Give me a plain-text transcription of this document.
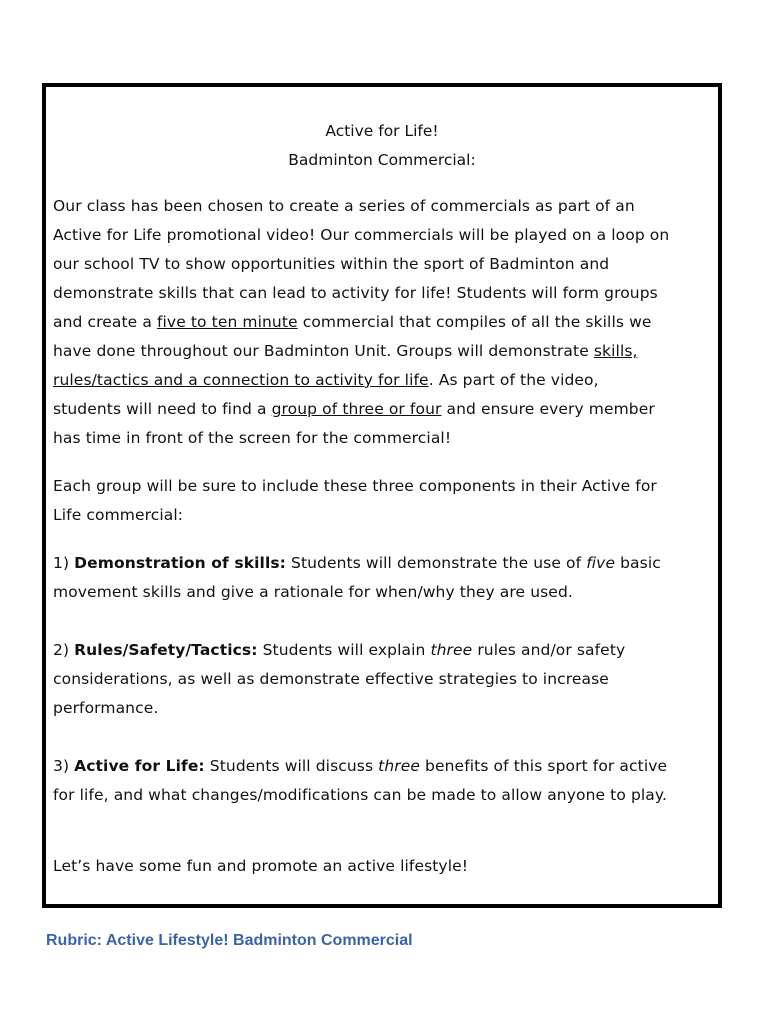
Active for Life!
Badminton Commercial:
Our class has been chosen to create a series of commercials as part of an
Active for Life promotional video! Our commercials will be played on a loop on
our school TV to show opportunities within the sport of Badminton and
demonstrate skills that can lead to activity for life! Students will form groups
and create a five to ten minute commercial that compiles of all the skills we
have done throughout our Badminton Unit. Groups will demonstrate skills,
rules/tactics and a connection to activity for life. As part of the video,
students will need to find a group of three or four and ensure every member
has time in front of the screen for the commercial!
Each group will be sure to include these three components in their Active for
Life commercial:
1) Demonstration of skills: Students will demonstrate the use of five basic
movement skills and give a rationale for when/why they are used.
2) Rules/Safety/Tactics: Students will explain three rules and/or safety
considerations, as well as demonstrate effective strategies to increase
performance.
3) Active for Life: Students will discuss three benefits of this sport for active
for life, and what changes/modifications can be made to allow anyone to play.
Let’s have some fun and promote an active lifestyle!
Rubric: Active Lifestyle! Badminton Commercial
